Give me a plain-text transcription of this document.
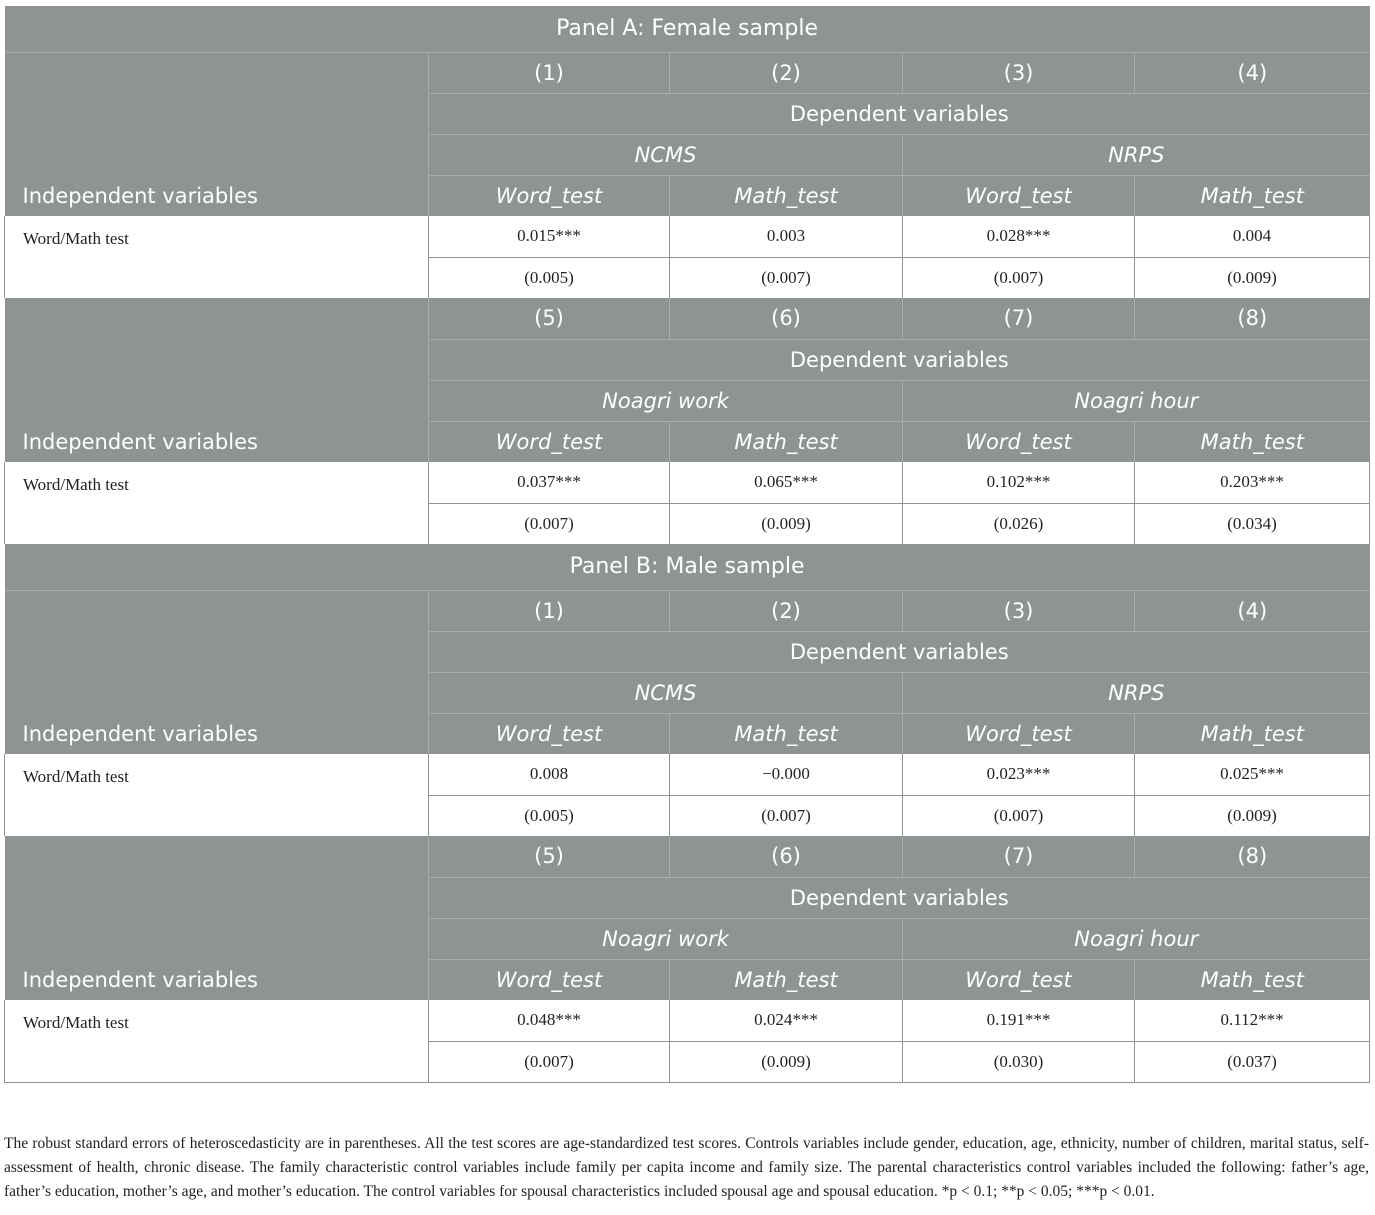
Panel A: Female sample				
Independent variables	(1)	(2)	(3)	(4)
	Dependent variables			
	NCMS		NRPS	
	Word_test	Math_test	Word_test	Math_test
Word/Math test	0.015***	0.003	0.028***	0.004
	(0.005)	(0.007)	(0.007)	(0.009)
Independent variables	(5)	(6)	(7)	(8)
	Dependent variables			
	Noagri work		Noagri hour	
	Word_test	Math_test	Word_test	Math_test
Word/Math test	0.037***	0.065***	0.102***	0.203***
	(0.007)	(0.009)	(0.026)	(0.034)
Panel B: Male sample				
Independent variables	(1)	(2)	(3)	(4)
	Dependent variables			
	NCMS		NRPS	
	Word_test	Math_test	Word_test	Math_test
Word/Math test	0.008	−0.000	0.023***	0.025***
	(0.005)	(0.007)	(0.007)	(0.009)
Independent variables	(5)	(6)	(7)	(8)
	Dependent variables			
	Noagri work		Noagri hour	
	Word_test	Math_test	Word_test	Math_test
Word/Math test	0.048***	0.024***	0.191***	0.112***
	(0.007)	(0.009)	(0.030)	(0.037)

The robust standard errors of heteroscedasticity are in parentheses. All the test scores are age-standardized test scores. Controls variables include gender, education, age, ethnicity, number of children, marital status, self-assessment of health, chronic disease. The family characteristic control variables include family per capita income and family size. The parental characteristics control variables included the following: father’s age, father’s education, mother’s age, and mother’s education. The control variables for spousal characteristics included spousal age and spousal education. *p < 0.1; **p < 0.05; ***p < 0.01.
